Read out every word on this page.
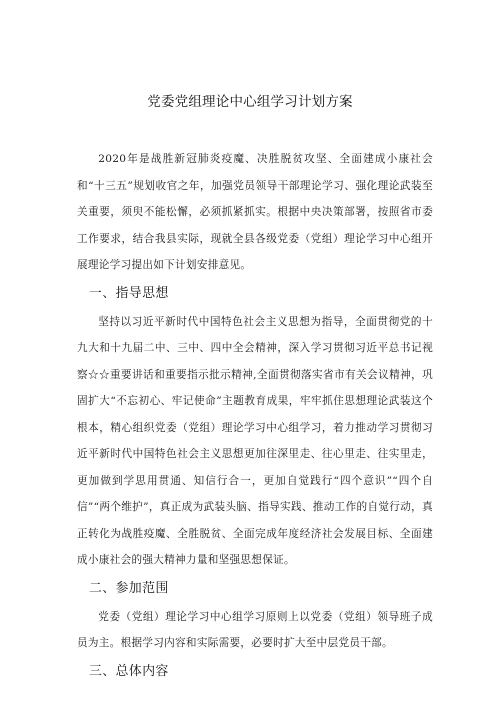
党委党组理论中心组学习计划方案

2020年是战胜新冠肺炎疫魔、决胜脱贫攻坚、全面建成小康社会和“十三五”规划收官之年，加强党员领导干部理论学习、强化理论武装至关重要，须臾不能松懈，必须抓紧抓实。根据中央决策部署，按照省市委工作要求，结合我县实际，现就全县各级党委（党组）理论学习中心组开展理论学习提出如下计划安排意见。

一、指导思想

坚持以习近平新时代中国特色社会主义思想为指导，全面贯彻党的十九大和十九届二中、三中、四中全会精神，深入学习贯彻习近平总书记视察☆☆重要讲话和重要指示批示精神,全面贯彻落实省市有关会议精神，巩固扩大“不忘初心、牢记使命”主题教育成果，牢牢抓住思想理论武装这个根本，精心组织党委（党组）理论学习中心组学习，着力推动学习贯彻习近平新时代中国特色社会主义思想更加往深里走、往心里走、往实里走，更加做到学思用贯通、知信行合一，更加自觉践行“四个意识”“四个自信”“两个维护”，真正成为武装头脑、指导实践、推动工作的自觉行动，真正转化为战胜疫魔、全胜脱贫、全面完成年度经济社会发展目标、全面建成小康社会的强大精神力量和坚强思想保证。

二、参加范围

党委（党组）理论学习中心组学习原则上以党委（党组）领导班子成员为主。根据学习内容和实际需要，必要时扩大至中层党员干部。

三、总体内容
